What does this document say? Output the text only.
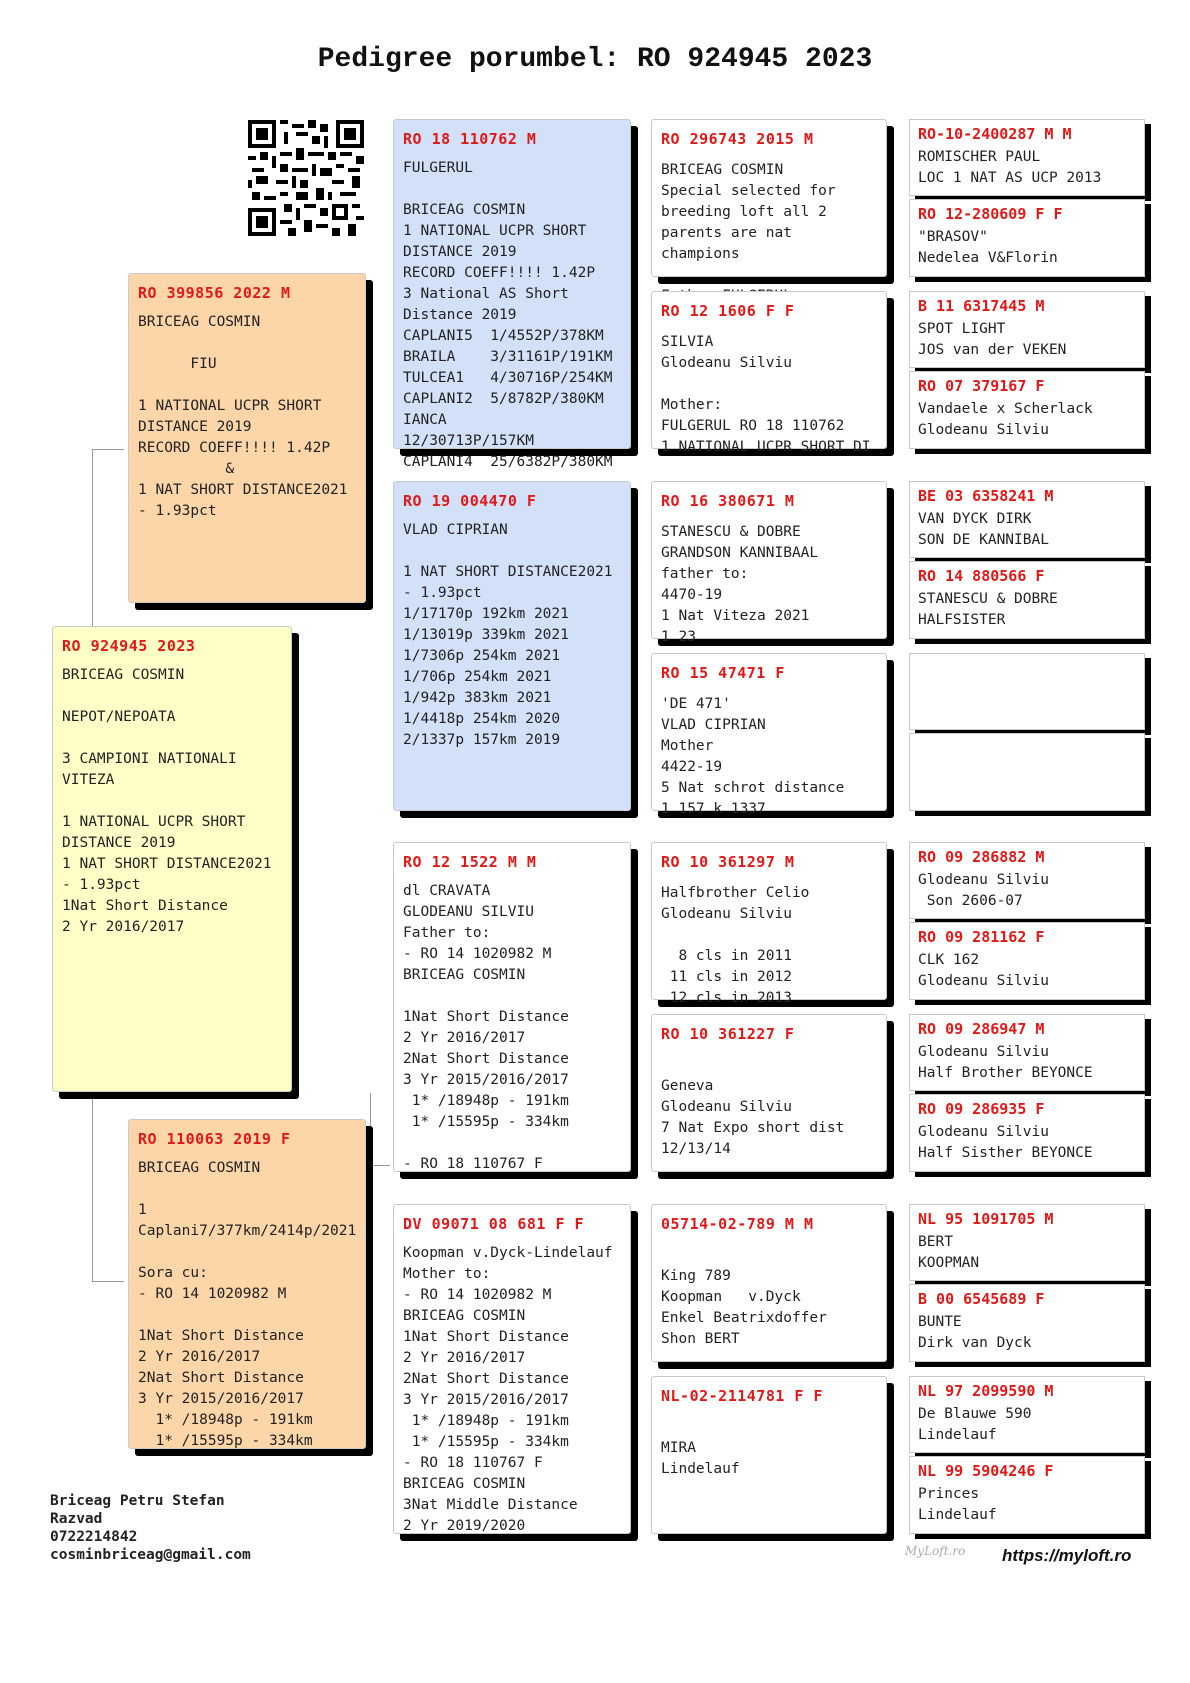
Pedigree porumbel: RO 924945 2023
RO 924945 2023

BRICEAG COSMIN

NEPOT/NEPOATA

3 CAMPIONI NATIONALI VITEZA

1 NATIONAL UCPR SHORT DISTANCE 2019
1 NAT SHORT DISTANCE2021
- 1.93pct
1Nat Short Distance
2 Yr 2016/2017

RO 399856 2022 M

BRICEAG COSMIN

FIU

1 NATIONAL UCPR SHORT DISTANCE 2019
RECORD COEFF!!!! 1.42P
&
1 NAT SHORT DISTANCE2021
- 1.93pct

RO 110063 2019 F

BRICEAG COSMIN

1 Caplani7/377km/2414p/2021

Sora cu:
- RO 14 1020982 M

1Nat Short Distance
2 Yr 2016/2017
2Nat Short Distance
3 Yr 2015/2016/2017
1* /18948p - 191km
1* /15595p - 334km

RO 18 110762 M

FULGERUL

BRICEAG COSMIN
1 NATIONAL UCPR SHORT DISTANCE 2019
RECORD COEFF!!!! 1.42P
3 National AS Short  Distance 2019
CAPLANI5  1/4552P/378KM
BRAILA    3/31161P/191KM
TULCEA1   4/30716P/254KM
CAPLANI2  5/8782P/380KM
IANCA     12/30713P/157KM
CAPLANI4  25/6382P/380KM

RO 19 004470 F

VLAD CIPRIAN

1 NAT SHORT DISTANCE2021
- 1.93pct
1/17170p 192km 2021
1/13019p 339km 2021
1/7306p 254km 2021
1/706p 254km 2021
1/942p 383km 2021
1/4418p 254km 2020
2/1337p 157km 2019

RO 12 1522 M M

dl CRAVATA
GLODEANU SILVIU
Father to:
- RO 14 1020982 M
BRICEAG COSMIN

1Nat Short Distance
2 Yr 2016/2017
2Nat Short Distance
3 Yr 2015/2016/2017
1* /18948p - 191km
1* /15595p - 334km

- RO 18 110767 F

DV 09071 08 681 F F

Koopman v.Dyck-Lindelauf
Mother to:
- RO 14 1020982 M
BRICEAG COSMIN
1Nat Short Distance
2 Yr 2016/2017
2Nat Short Distance
3 Yr 2015/2016/2017
1* /18948p - 191km
1* /15595p - 334km
- RO 18 110767 F
BRICEAG COSMIN
3Nat Middle Distance
2 Yr 2019/2020

RO 296743 2015 M

BRICEAG COSMIN
Special selected for breeding loft all 2 parents are nat champions

RO 12 1606 F F

SILVIA
Glodeanu Silviu

Mother:
FULGERUL RO 18 110762
1 NATIONAL UCPR SHORT DI

RO 16 380671 M

STANESCU & DOBRE
GRANDSON KANNIBAAL
father to:
4470-19
1 Nat Viteza 2021
1 23

RO 15 47471 F

'DE 471'
VLAD CIPRIAN
Mother
4422-19
5 Nat schrot distance
1 157 k 1337

RO 10 361297 M

Halfbrother Celio
Glodeanu Silviu

8 cls in 2011
11 cls in 2012
12 cls in 2013

RO 10 361227 F

Geneva
Glodeanu Silviu
7 Nat Expo short dist 12/13/14

05714-02-789 M M

King 789
Koopman   v.Dyck
Enkel Beatrixdoffer
Shon BERT

NL-02-2114781 F F

MIRA
Lindelauf

RO-10-2400287 M M

ROMISCHER PAUL
LOC 1 NAT AS UCP 2013

RO 12-280609 F F

"BRASOV"
Nedelea V&Florin

B 11 6317445 M

SPOT LIGHT
JOS van der VEKEN

RO 07 379167 F

Vandaele x Scherlack
Glodeanu Silviu

BE 03 6358241 M

VAN DYCK DIRK
SON DE KANNIBAL

RO 14 880566 F

STANESCU & DOBRE
HALFSISTER

RO 09 286882 M

Glodeanu Silviu
Son 2606-07

RO 09 281162 F

CLK 162
Glodeanu Silviu

RO 09 286947 M

Glodeanu Silviu
Half Brother BEYONCE

RO 09 286935 F

Glodeanu Silviu
Half Sisther BEYONCE

NL 95 1091705 M

BERT
KOOPMAN

B 00 6545689 F

BUNTE
Dirk van Dyck

NL 97 2099590 M

De Blauwe 590
Lindelauf

NL 99 5904246 F

Princes
Lindelauf

Briceag Petru Stefan
Razvad
0722214842
cosminbriceag@gmail.com	MyLoft.ro https://myloft.ro
